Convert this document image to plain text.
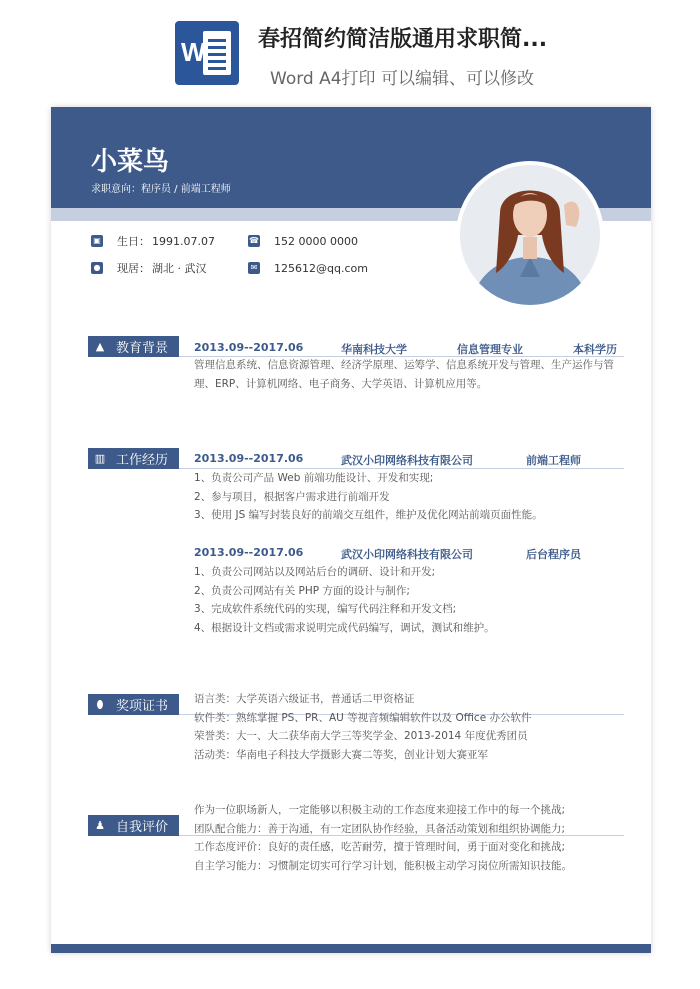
W 春招简约简洁版通用求职简...
Word A4打印 可以编辑、可以修改
小菜鸟
求职意向：程序员 / 前端工程师
▣ 生日： 1991.07.07	☎ 152 0000 0000
● 现居： 湖北 · 武汉	✉ 125612@qq.com
▲ 教育背景 2013.09--2017.06	华南科技大学	信息管理专业	本科学历
管理信息系统、信息资源管理、经济学原理、运筹学、信息系统开发与管理、生产运作与管
理、ERP、计算机网络、电子商务、大学英语、计算机应用等。
▥ 工作经历 2013.09--2017.06	武汉小印网络科技有限公司	前端工程师
1、负责公司产品 Web 前端功能设计、开发和实现;
2、参与项目，根据客户需求进行前端开发
3、使用 JS 编写封装良好的前端交互组件，维护及优化网站前端页面性能。
2013.09--2017.06	武汉小印网络科技有限公司	后台程序员
1、负责公司网站以及网站后台的调研、设计和开发;
2、负责公司网站有关 PHP 方面的设计与制作;
3、完成软件系统代码的实现，编写代码注释和开发文档;
4、根据设计文档或需求说明完成代码编写，调试，测试和维护。
⬮ 奖项证书 语言类：大学英语六级证书，普通话二甲资格证
软件类：熟练掌握 PS、PR、AU 等视音频编辑软件以及 Office 办公软件
荣誉类：大一、大二获华南大学三等奖学金、2013-2014 年度优秀团员
活动类：华南电子科技大学摄影大赛二等奖，创业计划大赛亚军
♟ 自我评价
作为一位职场新人，一定能够以积极主动的工作态度来迎接工作中的每一个挑战;
团队配合能力：善于沟通，有一定团队协作经验，具备活动策划和组织协调能力;
工作态度评价：良好的责任感，吃苦耐劳，擅于管理时间，勇于面对变化和挑战;
自主学习能力：习惯制定切实可行学习计划，能积极主动学习岗位所需知识技能。
